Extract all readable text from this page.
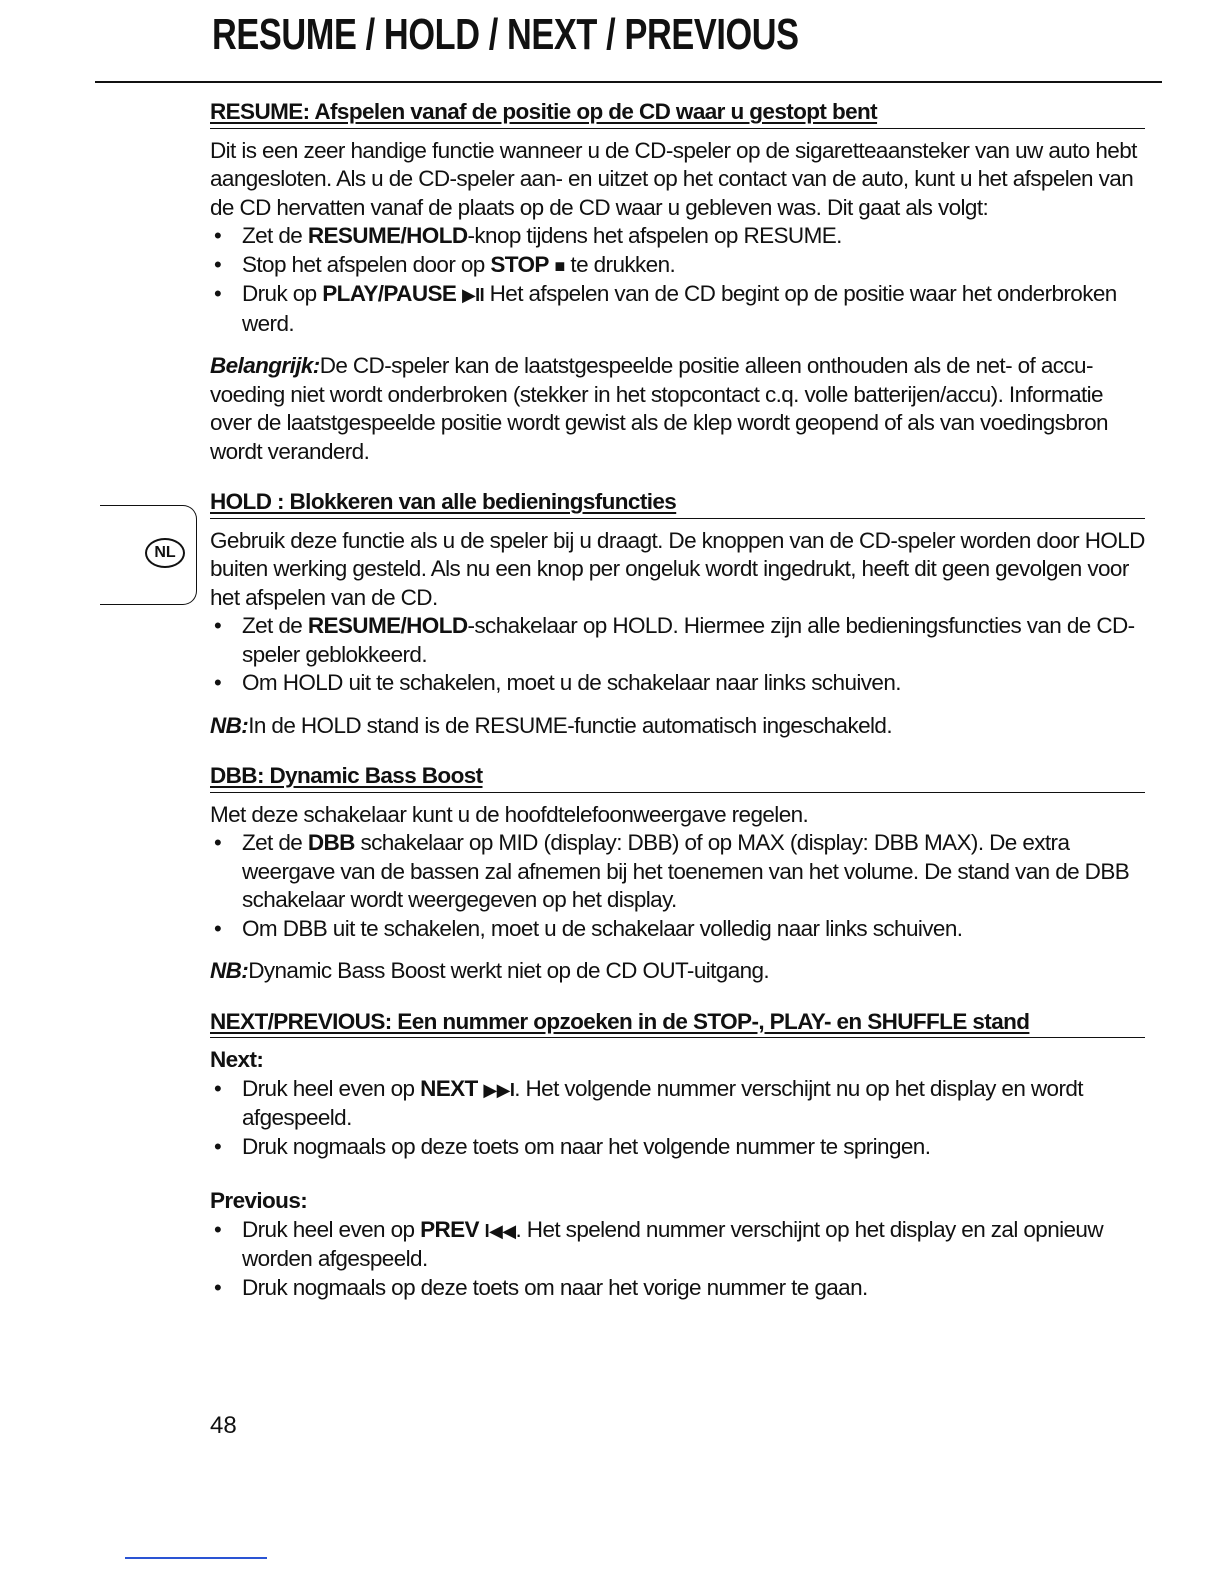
RESUME / HOLD / NEXT / PREVIOUS
NL
RESUME: Afspelen vanaf de positie op de CD waar u gestopt bent

Dit is een zeer handige functie wanneer u de CD-speler op de sigaretteaansteker van uw auto hebt aangesloten. Als u de CD-speler aan- en uitzet op het contact van de auto, kunt u het afspelen van de CD hervatten vanaf de plaats op de CD waar u gebleven was. Dit gaat als volgt:

• Zet de RESUME/HOLD-knop tijdens het afspelen op RESUME.
• Stop het afspelen door op STOP ■ te drukken.
• Druk op PLAY/PAUSE ▶II Het afspelen van de CD begint op de positie waar het onderbroken werd.

Belangrijk:De CD-speler kan de laatstgespeelde positie alleen onthouden als de net- of accu-voeding niet wordt onderbroken (stekker in het stopcontact c.q. volle batterijen/accu). Informatie over de laatstgespeelde positie wordt gewist als de klep wordt geopend of als van voedingsbron wordt veranderd.

HOLD : Blokkeren van alle bedieningsfuncties

Gebruik deze functie als u de speler bij u draagt. De knoppen van de CD-speler worden door HOLD buiten werking gesteld. Als nu een knop per ongeluk wordt ingedrukt, heeft dit geen gevolgen voor het afspelen van de CD.

• Zet de RESUME/HOLD-schakelaar op HOLD. Hiermee zijn alle bedieningsfuncties van de CD-speler geblokkeerd.
• Om HOLD uit te schakelen, moet u de schakelaar naar links schuiven.

NB:In de HOLD stand is de RESUME-functie automatisch ingeschakeld.

DBB: Dynamic Bass Boost

Met deze schakelaar kunt u de hoofdtelefoonweergave regelen.

• Zet de DBB schakelaar op MID (display: DBB) of op MAX (display: DBB MAX). De extra weergave van de bassen zal afnemen bij het toenemen van het volume. De stand van de DBB schakelaar wordt weergegeven op het display.
• Om DBB uit te schakelen, moet u de schakelaar volledig naar links schuiven.

NB:Dynamic Bass Boost werkt niet op de CD OUT-uitgang.

NEXT/PREVIOUS: Een nummer opzoeken in de STOP-, PLAY- en SHUFFLE stand
Next:
• Druk heel even op NEXT ▶▶I. Het volgende nummer verschijnt nu op het display en wordt afgespeeld.
• Druk nogmaals op deze toets om naar het volgende nummer te springen.
Previous:
• Druk heel even op PREV I◀◀. Het spelend nummer verschijnt op het display en zal opnieuw worden afgespeeld.
• Druk nogmaals op deze toets om naar het vorige nummer te gaan.
48
